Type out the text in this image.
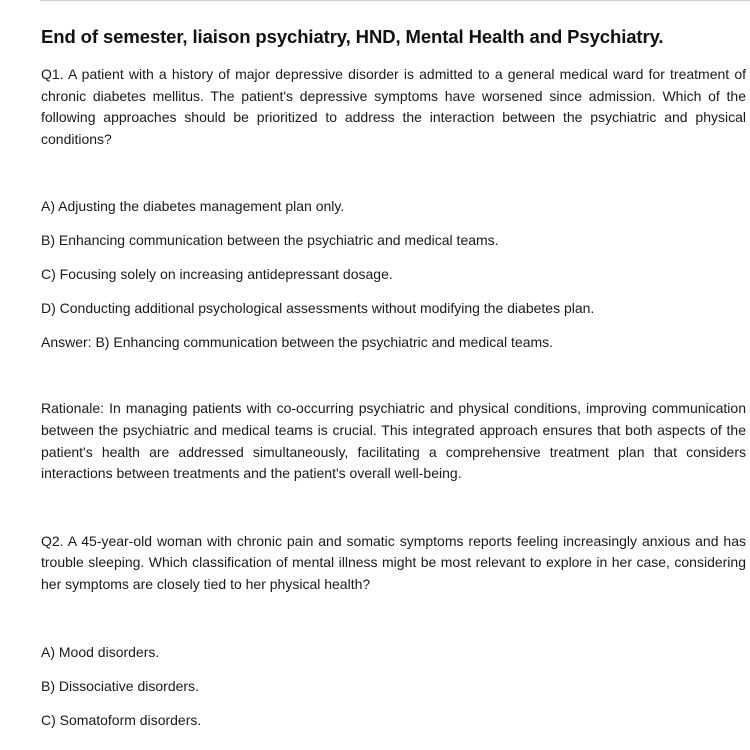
End of semester, liaison psychiatry, HND, Mental Health and Psychiatry.

Q1. A patient with a history of major depressive disorder is admitted to a general medical ward for treatment of chronic diabetes mellitus. The patient's depressive symptoms have worsened since admission. Which of the following approaches should be prioritized to address the interaction between the psychiatric and physical conditions?

A) Adjusting the diabetes management plan only.

B) Enhancing communication between the psychiatric and medical teams.

C) Focusing solely on increasing antidepressant dosage.

D) Conducting additional psychological assessments without modifying the diabetes plan.

Answer: B) Enhancing communication between the psychiatric and medical teams.

Rationale: In managing patients with co-occurring psychiatric and physical conditions, improving communication between the psychiatric and medical teams is crucial. This integrated approach ensures that both aspects of the patient's health are addressed simultaneously, facilitating a comprehensive treatment plan that considers interactions between treatments and the patient's overall well-being.

Q2. A 45-year-old woman with chronic pain and somatic symptoms reports feeling increasingly anxious and has trouble sleeping. Which classification of mental illness might be most relevant to explore in her case, considering her symptoms are closely tied to her physical health?

A) Mood disorders.

B) Dissociative disorders.

C) Somatoform disorders.
